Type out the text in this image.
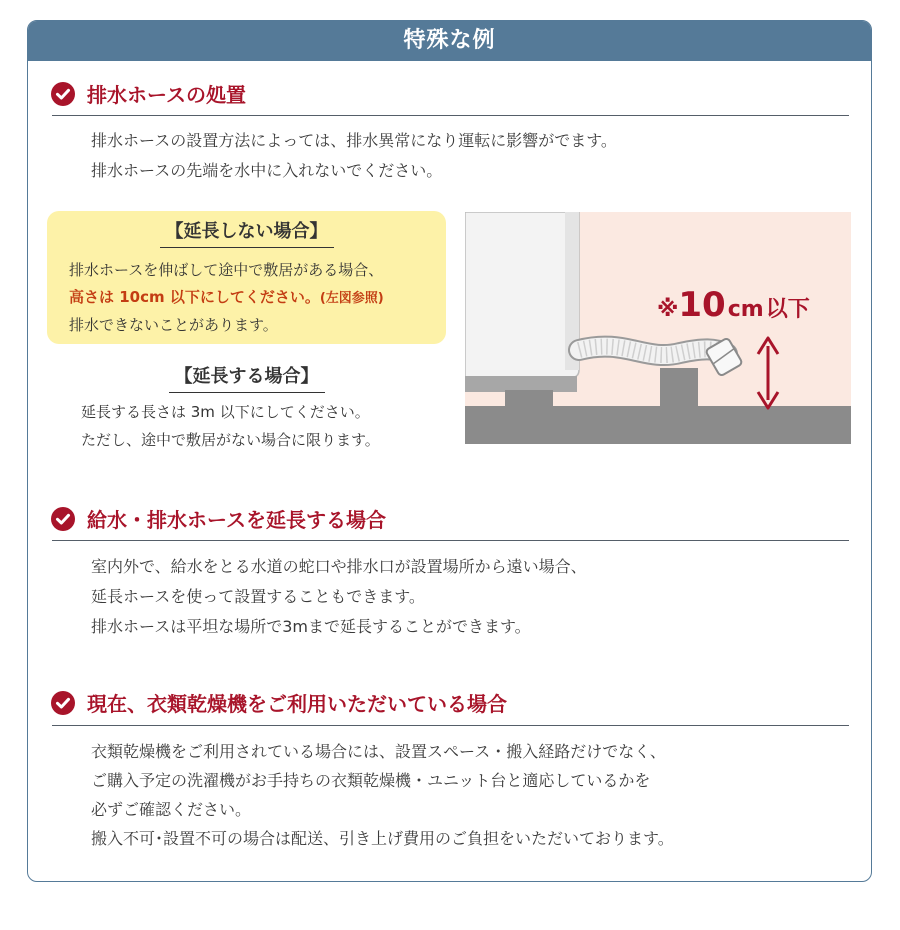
特殊な例
排水ホースの処置
排水ホースの設置方法によっては、排水異常になり運転に影響がでます。
排水ホースの先端を水中に入れないでください。
【延長しない場合】
排水ホースを伸ばして途中で敷居がある場合、
高さは 10cm 以下にしてください。(左図参照)
排水できないことがあります。
【延長する場合】
延長する長さは 3m 以下にしてください。
ただし、途中で敷居がない場合に限ります。
※10cm以下
給水・排水ホースを延長する場合
室内外で、給水をとる水道の蛇口や排水口が設置場所から遠い場合、
延長ホースを使って設置することもできます。
排水ホースは平坦な場所で3mまで延長することができます。
現在、衣類乾燥機をご利用いただいている場合
衣類乾燥機をご利用されている場合には、設置スペース・搬入経路だけでなく、
ご購入予定の洗濯機がお手持ちの衣類乾燥機・ユニット台と適応しているかを
必ずご確認ください。
搬入不可･設置不可の場合は配送、引き上げ費用のご負担をいただいております。
